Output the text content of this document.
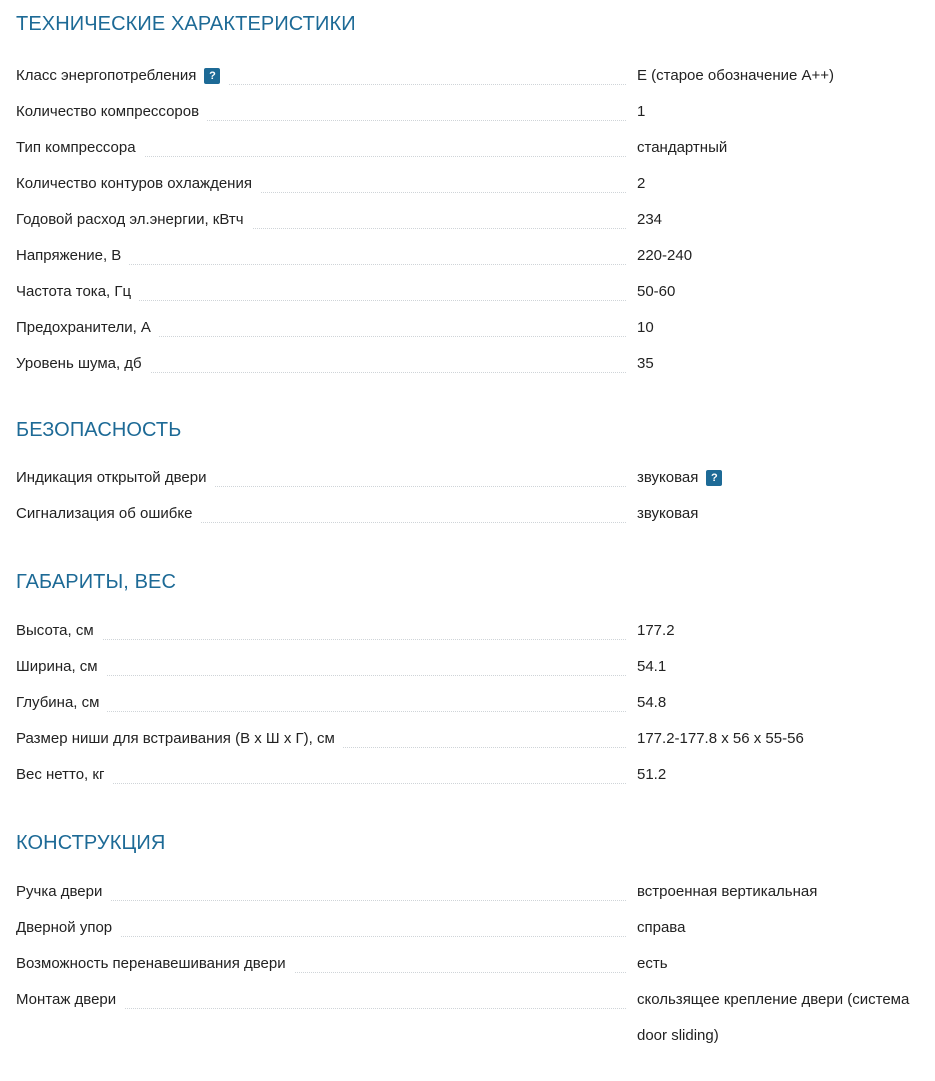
ТЕХНИЧЕСКИЕ ХАРАКТЕРИСТИКИ
Класс энергопотребления ?	E (старое обозначение A++)
Количество компрессоров	1
Тип компрессора	стандартный
Количество контуров охлаждения	2
Годовой расход эл.энергии, кВтч	234
Напряжение, В	220-240
Частота тока, Гц	50-60
Предохранители, А	10
Уровень шума, дб	35
БЕЗОПАСНОСТЬ
Индикация открытой двери	звуковая ?
Сигнализация об ошибке	звуковая
ГАБАРИТЫ, ВЕС
Высота, см	177.2
Ширина, см	54.1
Глубина, см	54.8
Размер ниши для встраивания (В х Ш х Г), см	177.2-177.8 x 56 x 55-56
Вес нетто, кг	51.2
КОНСТРУКЦИЯ
Ручка двери	встроенная вертикальная
Дверной упор	справа
Возможность перенавешивания двери	есть
Монтаж двери	скользящее крепление двери (система door sliding)
